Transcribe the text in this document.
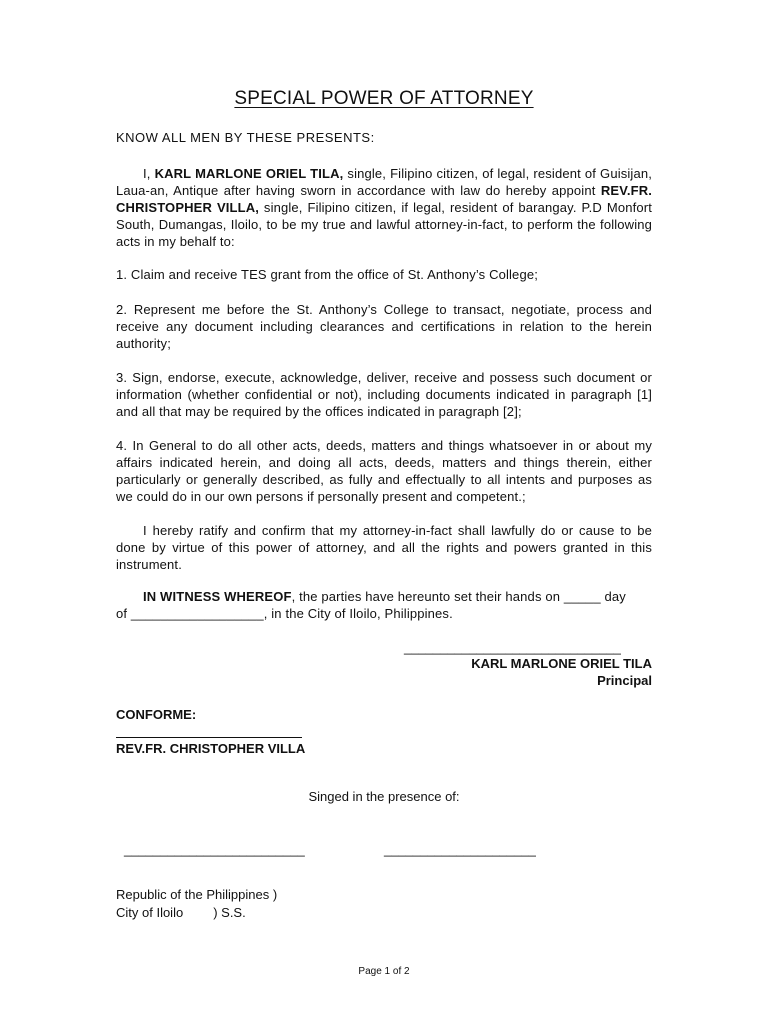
SPECIAL POWER OF ATTORNEY
KNOW ALL MEN BY THESE PRESENTS:
I, KARL MARLONE ORIEL TILA, single, Filipino citizen, of legal, resident of Guisijan, Laua-an, Antique after having sworn in accordance with law do hereby appoint REV.FR. CHRISTOPHER VILLA, single, Filipino citizen, if legal, resident of barangay. P.D Monfort South, Dumangas, Iloilo, to be my true and lawful attorney-in-fact, to perform the following acts in my behalf to:
1. Claim and receive TES grant from the office of St. Anthony’s College;
2. Represent me before the St. Anthony’s College to transact, negotiate, process and receive any document including clearances and certifications in relation to the herein authority;
3. Sign, endorse, execute, acknowledge, deliver, receive and possess such document or information (whether confidential or not), including documents indicated in paragraph [1] and all that may be required by the offices indicated in paragraph [2];
4. In General to do all other acts, deeds, matters and things whatsoever in or about my affairs indicated herein, and doing all acts, deeds, matters and things therein, either particularly or generally described, as fully and effectually to all intents and purposes as we could do in our own persons if personally present and competent.;
I hereby ratify and confirm that my attorney-in-fact shall lawfully do or cause to be done by virtue of this power of attorney, and all the rights and powers granted in this instrument.
IN WITNESS WHEREOF, the parties have hereunto set their hands on _____ day
of __________________, in the City of Iloilo, Philippines.
______________________________
KARL MARLONE ORIEL TILA
Principal
CONFORME:
REV.FR. CHRISTOPHER VILLA
Singed in the presence of:
_________________________	_____________________
Republic of the Philippines )
City of Iloilo ) S.S.
Page 1 of 2
